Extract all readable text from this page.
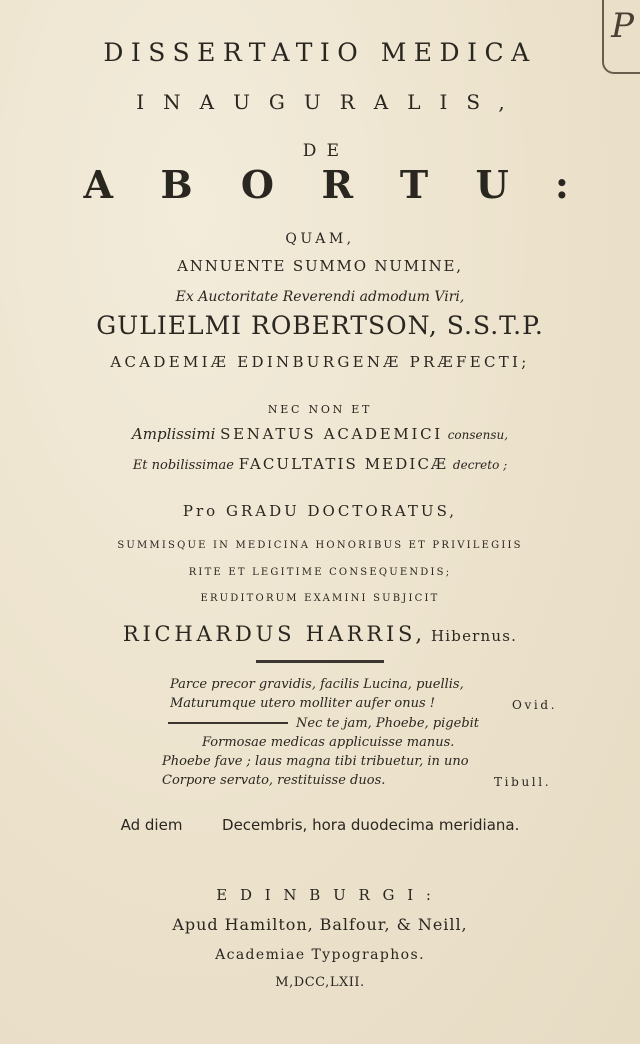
P
DISSERTATIO MEDICA
INAUGURALIS,
DE
ABORTU:
QUAM,
ANNUENTE SUMMO NUMINE,
Ex Auctoritate Reverendi admodum Viri,
GULIELMI ROBERTSON, S.S.T.P.
ACADEMIÆ EDINBURGENÆ PRÆFECTI;
NEC NON ET
Amplissimi SENATUS ACADEMICI consensu,
Et nobilissimae FACULTATIS MEDICÆ decreto ;
Pro GRADU DOCTORATUS,
SUMMISQUE IN MEDICINA HONORIBUS ET PRIVILEGIIS
RITE ET LEGITIME CONSEQUENDIS;
ERUDITORUM EXAMINI SUBJICIT
RICHARDUS HARRIS, Hibernus.
Parce precor gravidis, facilis Lucina, puellis,
Maturumque utero molliter aufer onus !	Ovid.
Nec te jam, Phoebe, pigebit
Formosae medicas applicuisse manus.
Phoebe fave ; laus magna tibi tribuetur, in uno
Corpore servato, restituisse duos.	Tibull.
Ad diem	Decembris, hora duodecima meridiana.
EDINBURGI:
Apud Hamilton, Balfour, & Neill,
Academiae Typographos.
M,DCC,LXII.
